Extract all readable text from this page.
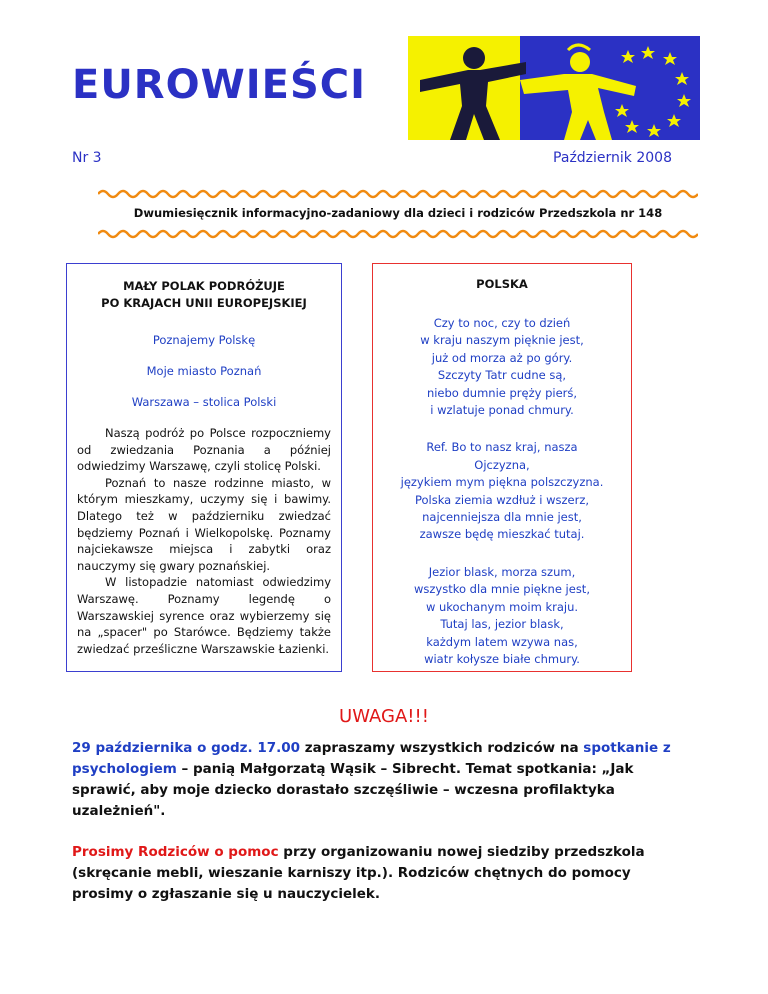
EUROWIEŚCI
Nr 3	Październik 2008
Dwumiesięcznik informacyjno-zadaniowy dla dzieci i rodziców Przedszkola nr 148
MAŁY POLAK PODRÓŻUJE
PO KRAJACH UNII EUROPEJSKIEJ
Poznajemy Polskę
Moje miasto Poznań
Warszawa – stolica Polski

Naszą podróż po Polsce rozpoczniemy od zwiedzania Poznania a później odwiedzimy Warszawę, czyli stolicę Polski.

Poznań to nasze rodzinne miasto, w którym mieszkamy, uczymy się i bawimy. Dlatego też w październiku zwiedzać będziemy Poznań i Wielkopolskę. Poznamy najciekawsze miejsca i zabytki oraz nauczymy się gwary poznańskiej.

W listopadzie natomiast odwiedzimy Warszawę. Poznamy legendę o Warszawskiej syrence oraz wybierzemy się na „spacer" po Starówce. Będziemy także zwiedzać prześliczne Warszawskie Łazienki.

POLSKA
Czy to noc, czy to dzień
w kraju naszym pięknie jest,
już od morza aż po góry.
Szczyty Tatr cudne są,
niebo dumnie pręży pierś,
i wzlatuje ponad chmury.
Ref. Bo to nasz kraj, nasza
Ojczyzna,
językiem mym piękna polszczyzna.
Polska ziemia wzdłuż i wszerz,
najcenniejsza dla mnie jest,
zawsze będę mieszkać tutaj.
Jezior blask, morza szum,
wszystko dla mnie piękne jest,
w ukochanym moim kraju.
Tutaj las, jezior blask,
każdym latem wzywa nas,
wiatr kołysze białe chmury.
UWAGA!!!
29 października o godz. 17.00 zapraszamy wszystkich rodziców na spotkanie z psychologiem – panią Małgorzatą Wąsik – Sibrecht. Temat spotkania: „Jak sprawić, aby moje dziecko dorastało szczęśliwie – wczesna profilaktyka uzależnień".
Prosimy Rodziców o pomoc przy organizowaniu nowej siedziby przedszkola (skręcanie mebli, wieszanie karniszy itp.). Rodziców chętnych do pomocy prosimy o zgłaszanie się u nauczycielek.
